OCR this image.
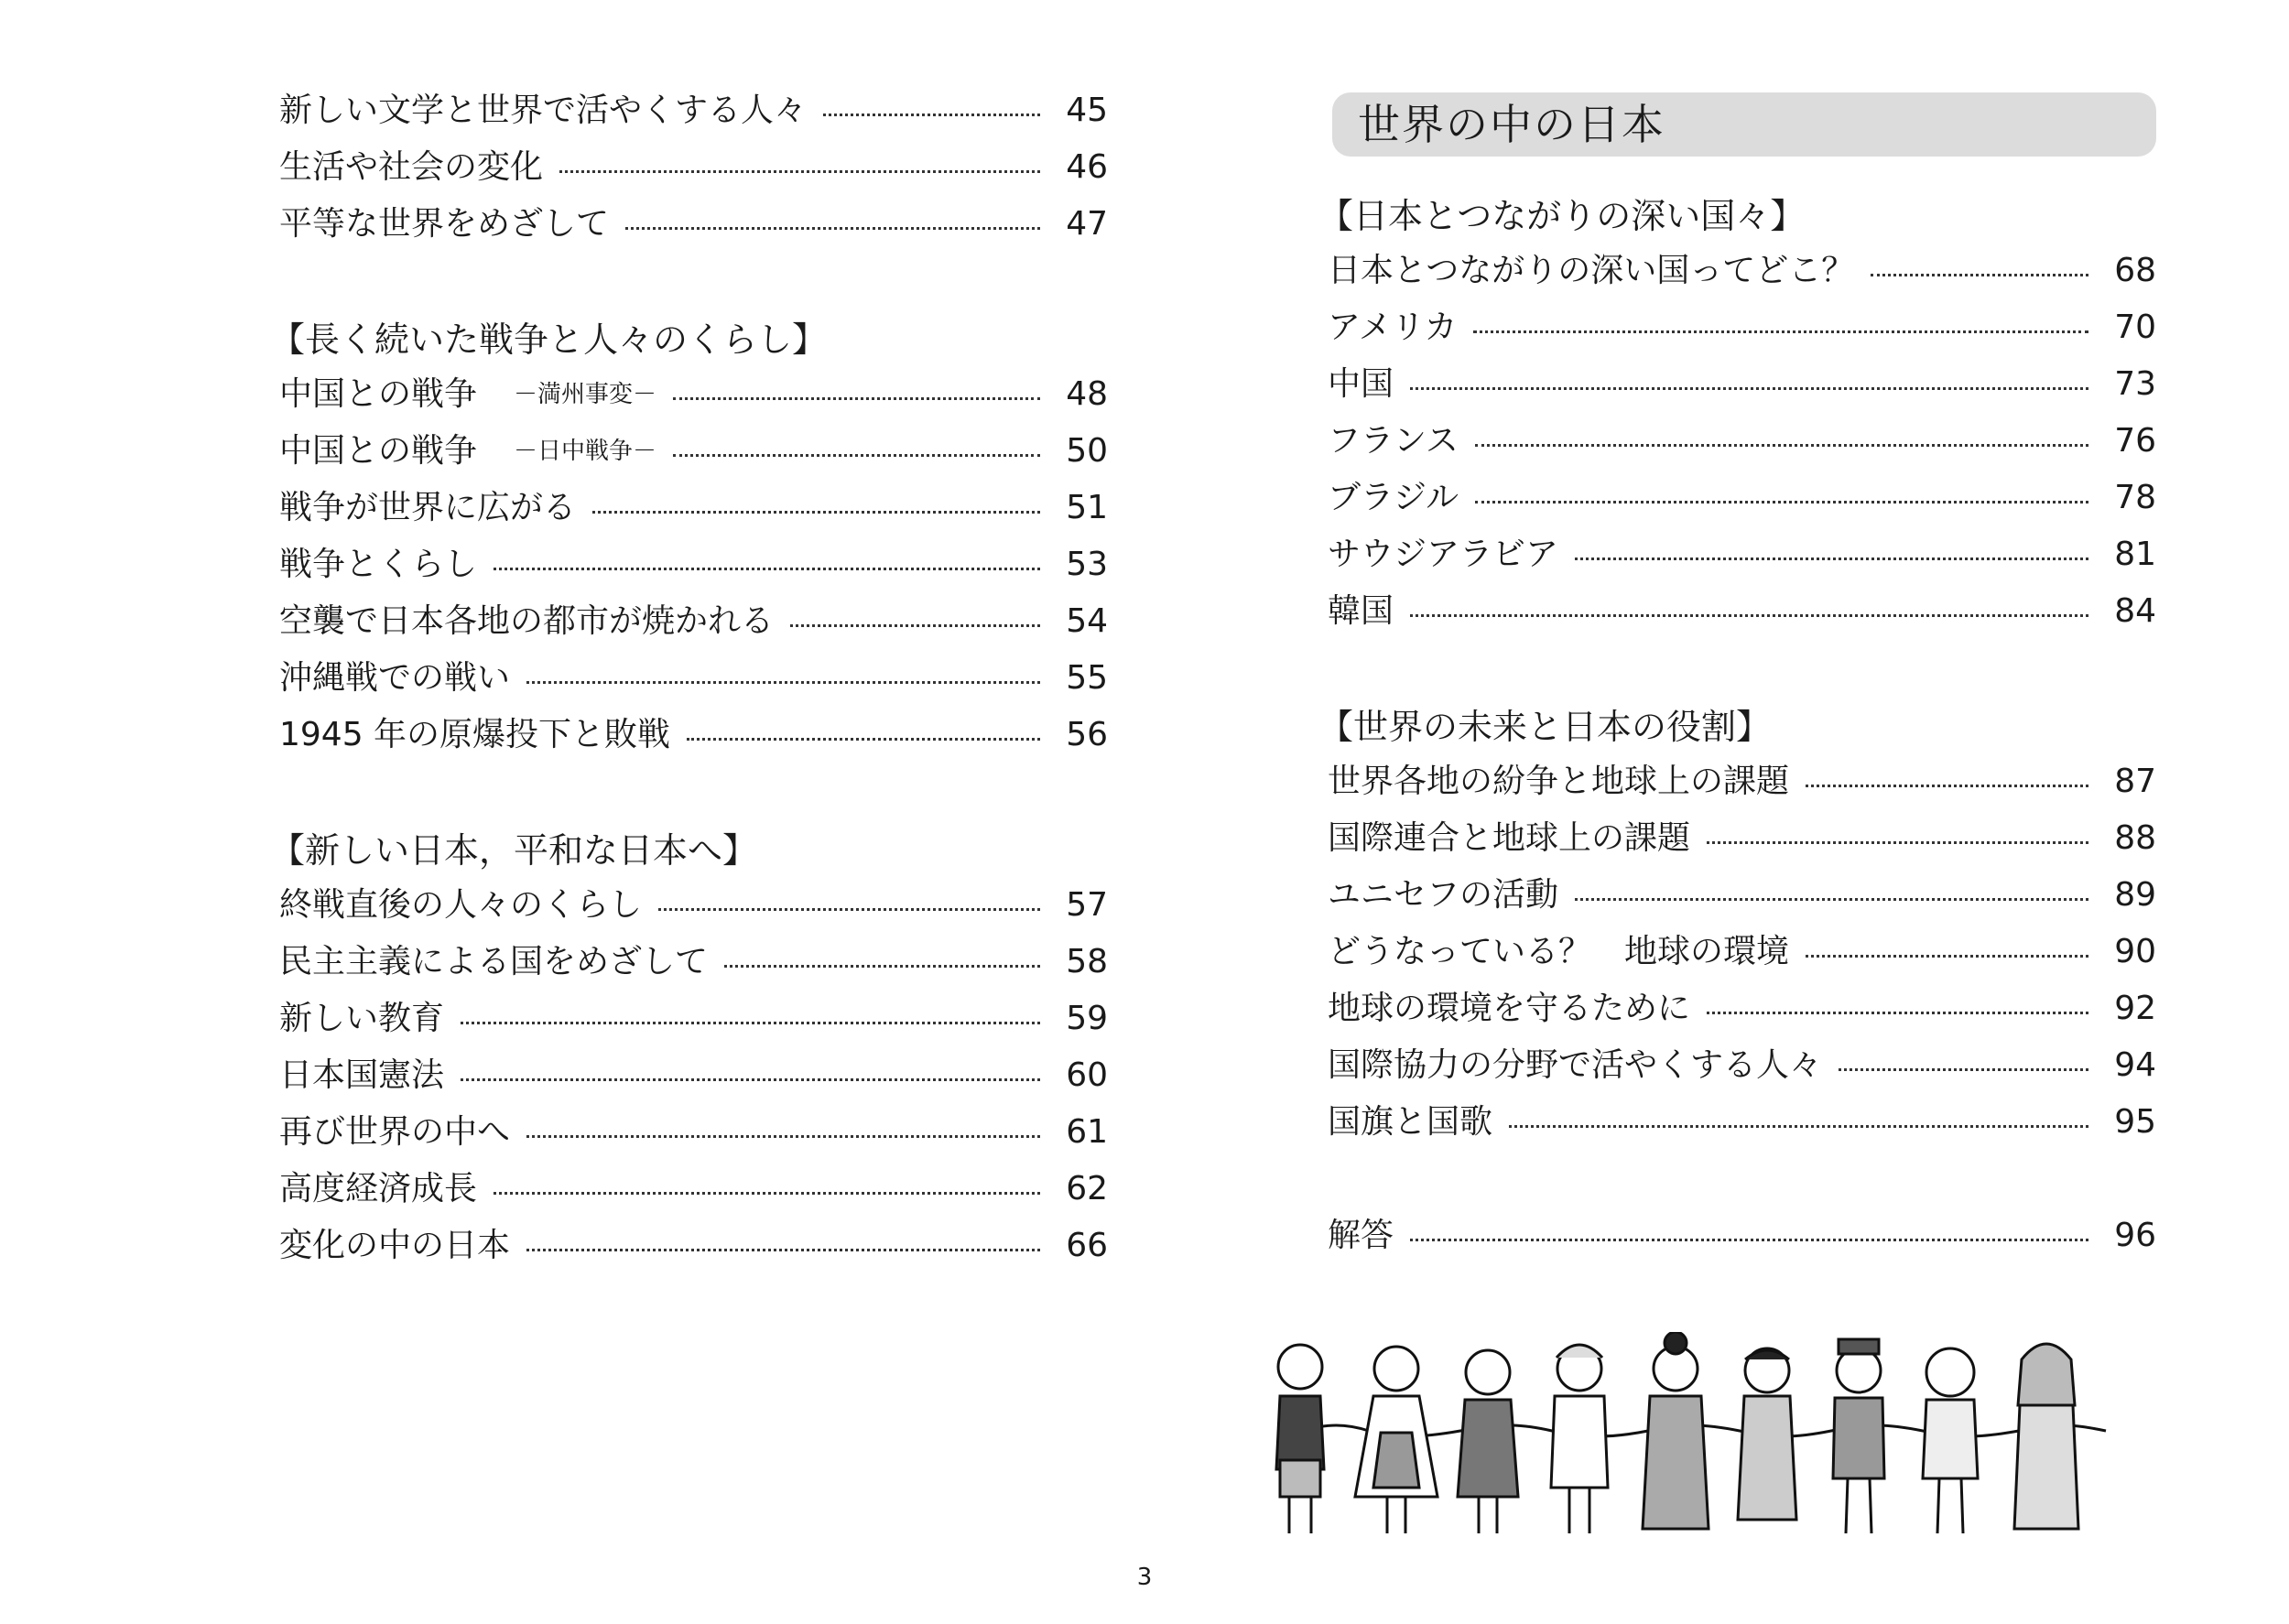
新しい文学と世界で活やくする人々	45
生活や社会の変化	46
平等な世界をめざして	47
【長く続いた戦争と人々のくらし】
中国との戦争 －満州事変－	48
中国との戦争 －日中戦争－	50
戦争が世界に広がる	51
戦争とくらし	53
空襲で日本各地の都市が焼かれる	54
沖縄戦での戦い	55
1945 年の原爆投下と敗戦	56
【新しい日本，平和な日本へ】
終戦直後の人々のくらし	57
民主主義による国をめざして	58
新しい教育	59
日本国憲法	60
再び世界の中へ	61
高度経済成長	62
変化の中の日本	66
世界の中の日本
【日本とつながりの深い国々】
日本とつながりの深い国ってどこ？	68
アメリカ	70
中国	73
フランス	76
ブラジル	78
サウジアラビア	81
韓国	84
【世界の未来と日本の役割】
世界各地の紛争と地球上の課題	87
国際連合と地球上の課題	88
ユニセフの活動	89
どうなっている？　地球の環境	90
地球の環境を守るために	92
国際協力の分野で活やくする人々	94
国旗と国歌	95
解答	96
3
